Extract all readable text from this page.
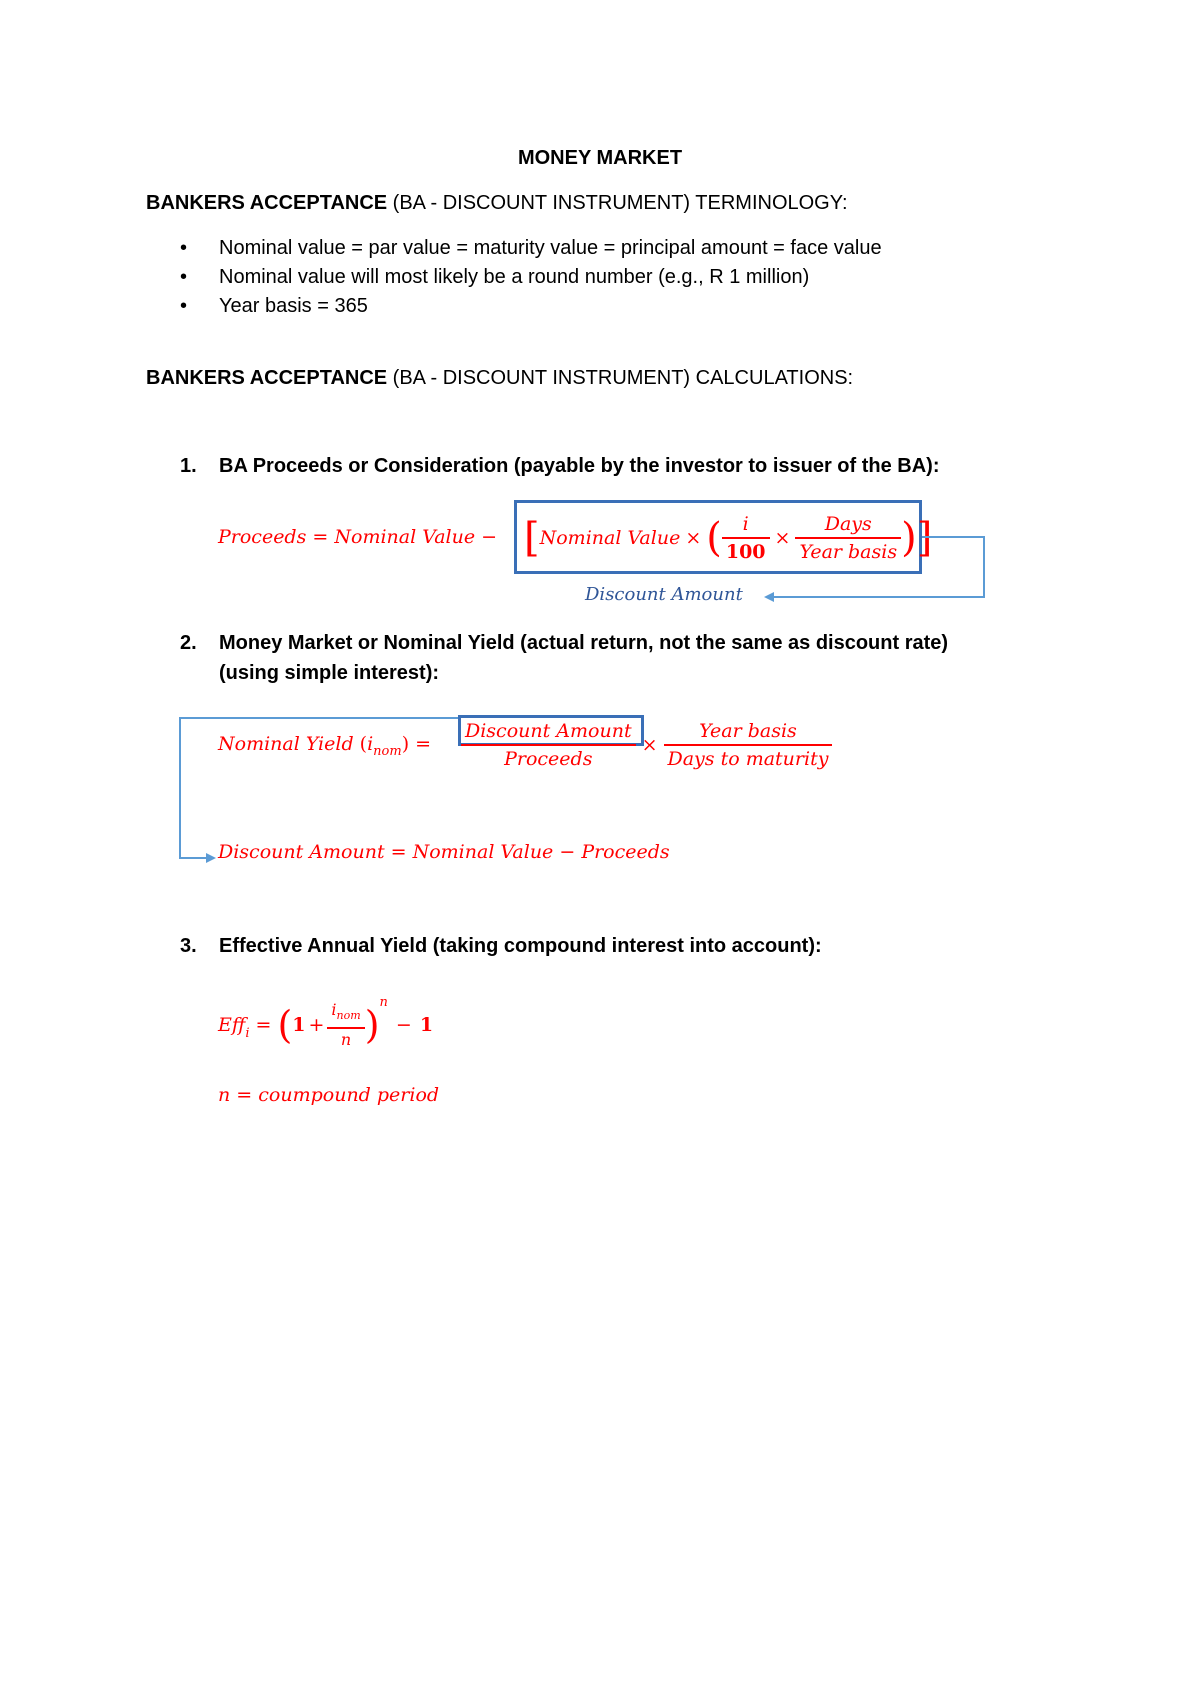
MONEY MARKET
BANKERS ACCEPTANCE (BA - DISCOUNT INSTRUMENT) TERMINOLOGY:
• Nominal value = par value = maturity value = principal amount = face value
• Nominal value will most likely be a round number (e.g., R 1 million)
• Year basis = 365
BANKERS ACCEPTANCE (BA - DISCOUNT INSTRUMENT) CALCULATIONS:
1. BA Proceeds or Consideration (payable by the investor to issuer of the BA):
Proceeds = Nominal Value − [ Nominal Value × ( $\frac{i}{100} \times \frac{\text{Days}}{\text{Year basis}}$ ) ]
Discount Amount
2. Money Market or Nominal Yield (actual return, not the same as discount rate)
(using simple interest):
Nominal Yield $(i_{nom}) = \frac{\text{Discount Amount}}{\text{Proceeds}} \times \frac{\text{Year basis}}{\text{Days to maturity}}$
Discount Amount = Nominal Value − Proceeds
3. Effective Annual Yield (taking compound interest into account):
Eff$_i$ = ( $1 + \frac{i_{nom}}{n}$ )
$^n$
− 1
n = coumpound period
